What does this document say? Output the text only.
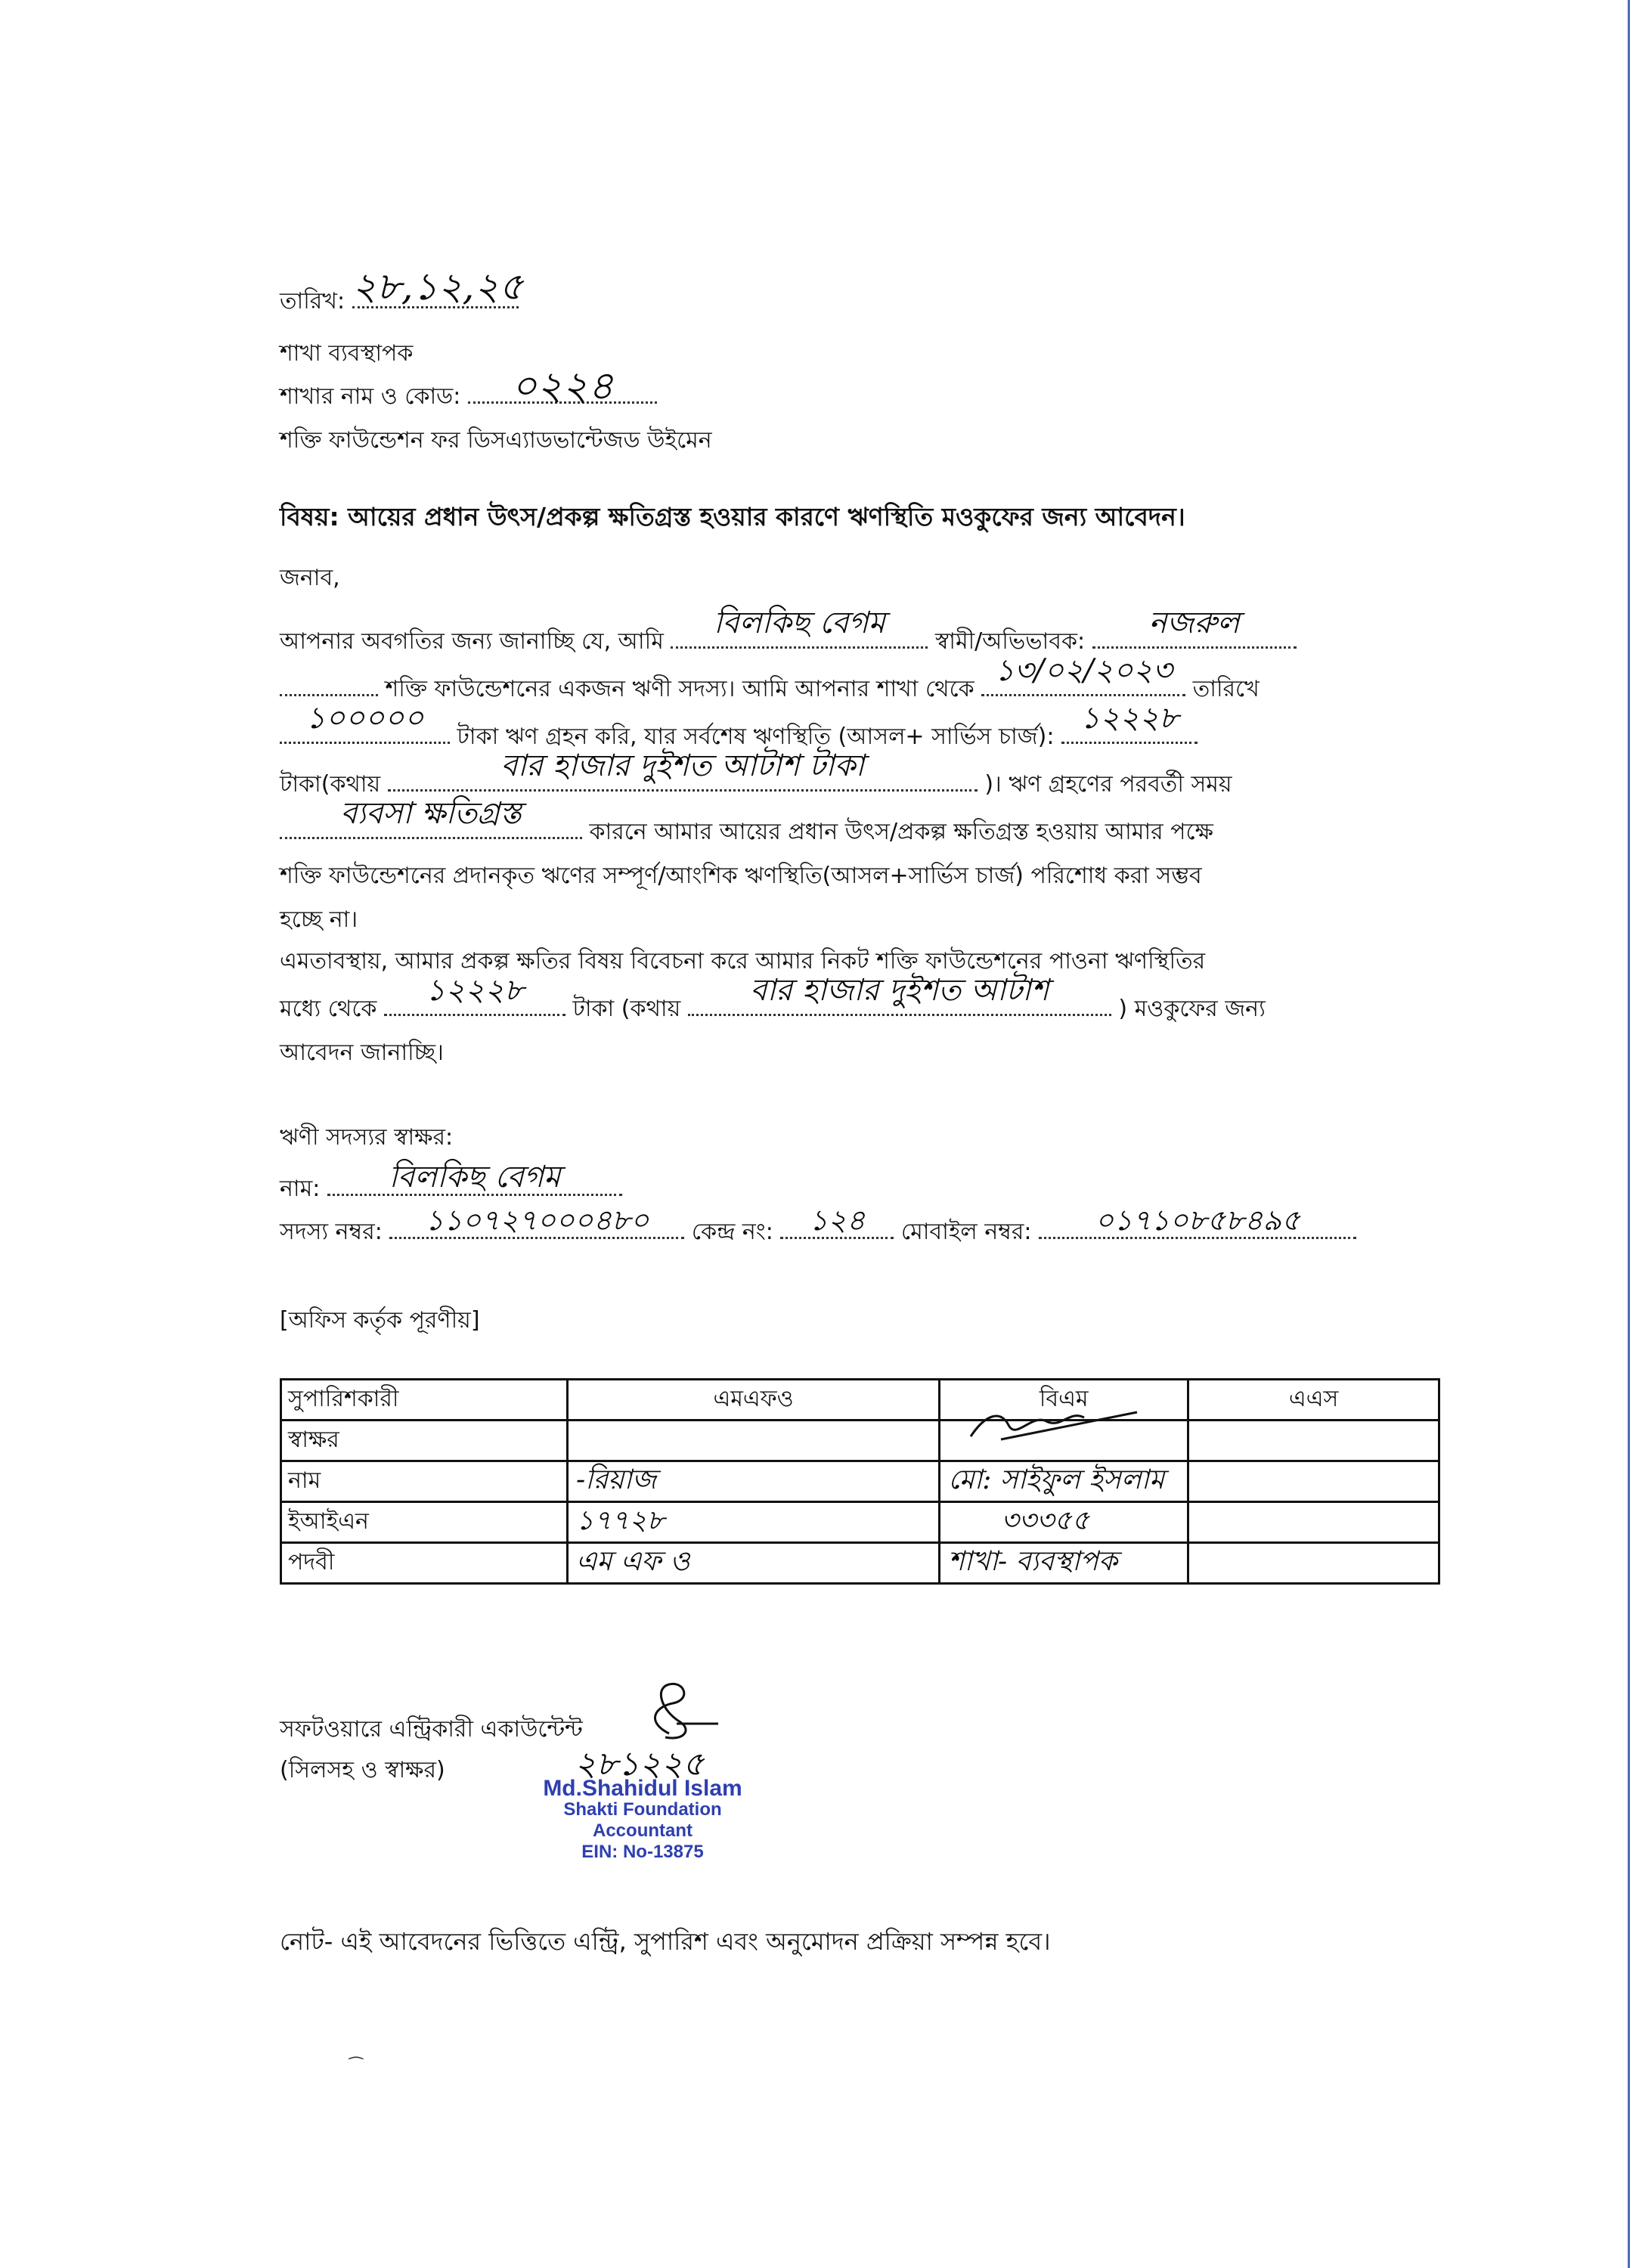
তারিখ: ২৮,১২,২৫
শাখা ব্যবস্থাপক
শাখার নাম ও কোড:	০২২৪
শক্তি ফাউন্ডেশন ফর ডিসএ্যাডভান্টেজড উইমেন
বিষয়: আয়ের প্রধান উৎস/প্রকল্প ক্ষতিগ্রস্ত হওয়ার কারণে ঋণস্থিতি মওকুফের জন্য আবেদন।
জনাব,
আপনার অবগতির জন্য জানাচ্ছি যে, আমি
বিলকিছ বেগম
স্বামী/অভিভাবক:
নজরুল
শক্তি ফাউন্ডেশনের একজন ঋণী সদস্য। আমি আপনার শাখা থেকে
১৩/০২/২০২৩
তারিখে
১০০০০০
টাকা ঋণ গ্রহন করি, যার সর্বশেষ ঋণস্থিতি (আসল+ সার্ভিস চার্জ):
১২২২৮
টাকা(কথায়
বার হাজার দুইশত আটাশ টাকা
)। ঋণ গ্রহণের পরবর্তী সময়
ব্যবসা ক্ষতিগ্রস্ত
কারনে আমার আয়ের প্রধান উৎস/প্রকল্প ক্ষতিগ্রস্ত হওয়ায় আমার পক্ষে
শক্তি ফাউন্ডেশনের প্রদানকৃত ঋণের সম্পূর্ণ/আংশিক ঋণস্থিতি(আসল+সার্ভিস চার্জ) পরিশোধ করা সম্ভব
হচ্ছে না।
এমতাবস্থায়, আমার প্রকল্প ক্ষতির বিষয় বিবেচনা করে আমার নিকট শক্তি ফাউন্ডেশনের পাওনা ঋণস্থিতির
মধ্যে থেকে
১২২২৮
টাকা (কথায়
বার হাজার দুইশত আটাশ
) মওকুফের জন্য
আবেদন জানাচ্ছি।
ঋণী সদস্যর স্বাক্ষর:
নাম:	বিলকিছ বেগম
সদস্য নম্বর:	১১০৭২৭০০০৪৮০	কেন্দ্র নং:	১২৪	মোবাইল নম্বর:	০১৭১০৮৫৮৪৯৫
[অফিস কর্তৃক পূরণীয়]
সুপারিশকারী	এমএফও	বিএম	এএস
স্বাক্ষর	

নাম	-রিয়াজ	মো: সাইফুল ইসলাম	

ইআইএন	১৭৭২৮	৩৩৩৫৫	

পদবী	এম এফ ও	শাখা- ব্যবস্থাপক	

সফটওয়ারে এন্ট্রিকারী একাউন্টেন্ট
(সিলসহ ও স্বাক্ষর)	২৮১২২৫
Md.Shahidul Islam
Shakti Foundation
Accountant
EIN: No-13875
নোট- এই আবেদনের ভিত্তিতে এন্ট্রি, সুপারিশ এবং অনুমোদন প্রক্রিয়া সম্পন্ন হবে।
⁀
